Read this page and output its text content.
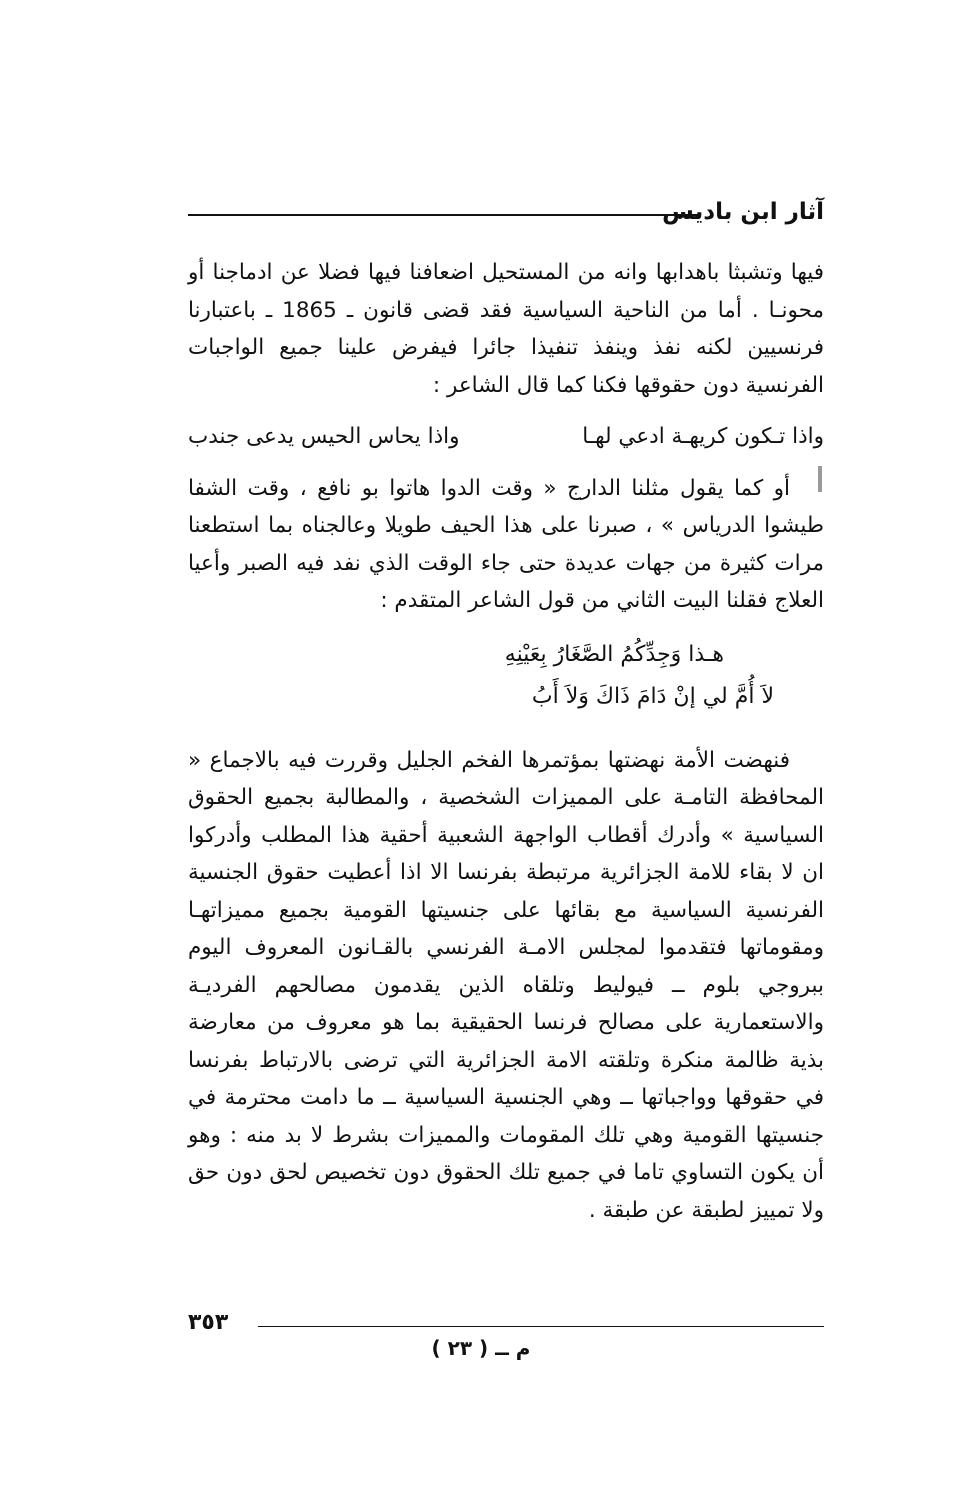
آثار ابن باديس

فيها وتشبثا باهدابها وانه من المستحيل اضعافنا فيها فضلا عن ادماجنا أو محونـا . أما من الناحية السياسية فقد قضى قانون ـ 1865 ـ باعتبارنا فرنسيين لكنه نفذ وينفذ تنفيذا جائرا فيفرض علينا جميع الواجبات الفرنسية دون حقوقها فكنا كما قال الشاعر :

واذا تـكون كريهـة ادعي لهـا
واذا يحاس الحيس يدعى جندب

أو كما يقول مثلنا الدارج « وقت الدوا هاتوا بو نافع ، وقت الشفا طيشوا الدرياس » ، صبرنا على هذا الحيف طويلا وعالجناه بما استطعنا مرات كثيرة من جهات عديدة حتى جاء الوقت الذي نفد فيه الصبر وأعيا العلاج فقلنا البيت الثاني من قول الشاعر المتقدم :

هـذا وَجِدِّكُمُ الصَّغَارُ بِعَيْنِهِ
لاَ أُمَّ لي إنْ دَامَ ذَاكَ وَلاَ أَبُ

فنهضت الأمة نهضتها بمؤتمرها الفخم الجليل وقررت فيه بالاجماع « المحافظة التامـة على المميزات الشخصية ، والمطالبة بجميع الحقوق السياسية » وأدرك أقطاب الواجهة الشعبية أحقية هذا المطلب وأدركوا ان لا بقاء للامة الجزائرية مرتبطة بفرنسا الا اذا أعطيت حقوق الجنسية الفرنسية السياسية مع بقائها على جنسيتها القومية بجميع مميزاتهـا ومقوماتها فتقدموا لمجلس الامـة الفرنسي بالقـانون المعروف اليوم ببروجي بلوم ــ فيوليط وتلقاه الذين يقدمون مصالحهم الفرديـة والاستعمارية على مصالح فرنسا الحقيقية بما هو معروف من معارضة بذية ظالمة منكرة وتلقته الامة الجزائرية التي ترضى بالارتباط بفرنسا في حقوقها وواجباتها ــ وهي الجنسية السياسية ــ ما دامت محترمة في جنسيتها القومية وهي تلك المقومات والمميزات بشرط لا بد منه : وهو أن يكون التساوي تاما في جميع تلك الحقوق دون تخصيص لحق دون حق ولا تمييز لطبقة عن طبقة .

٣٥٣
م ــ ( ٢٣ )
